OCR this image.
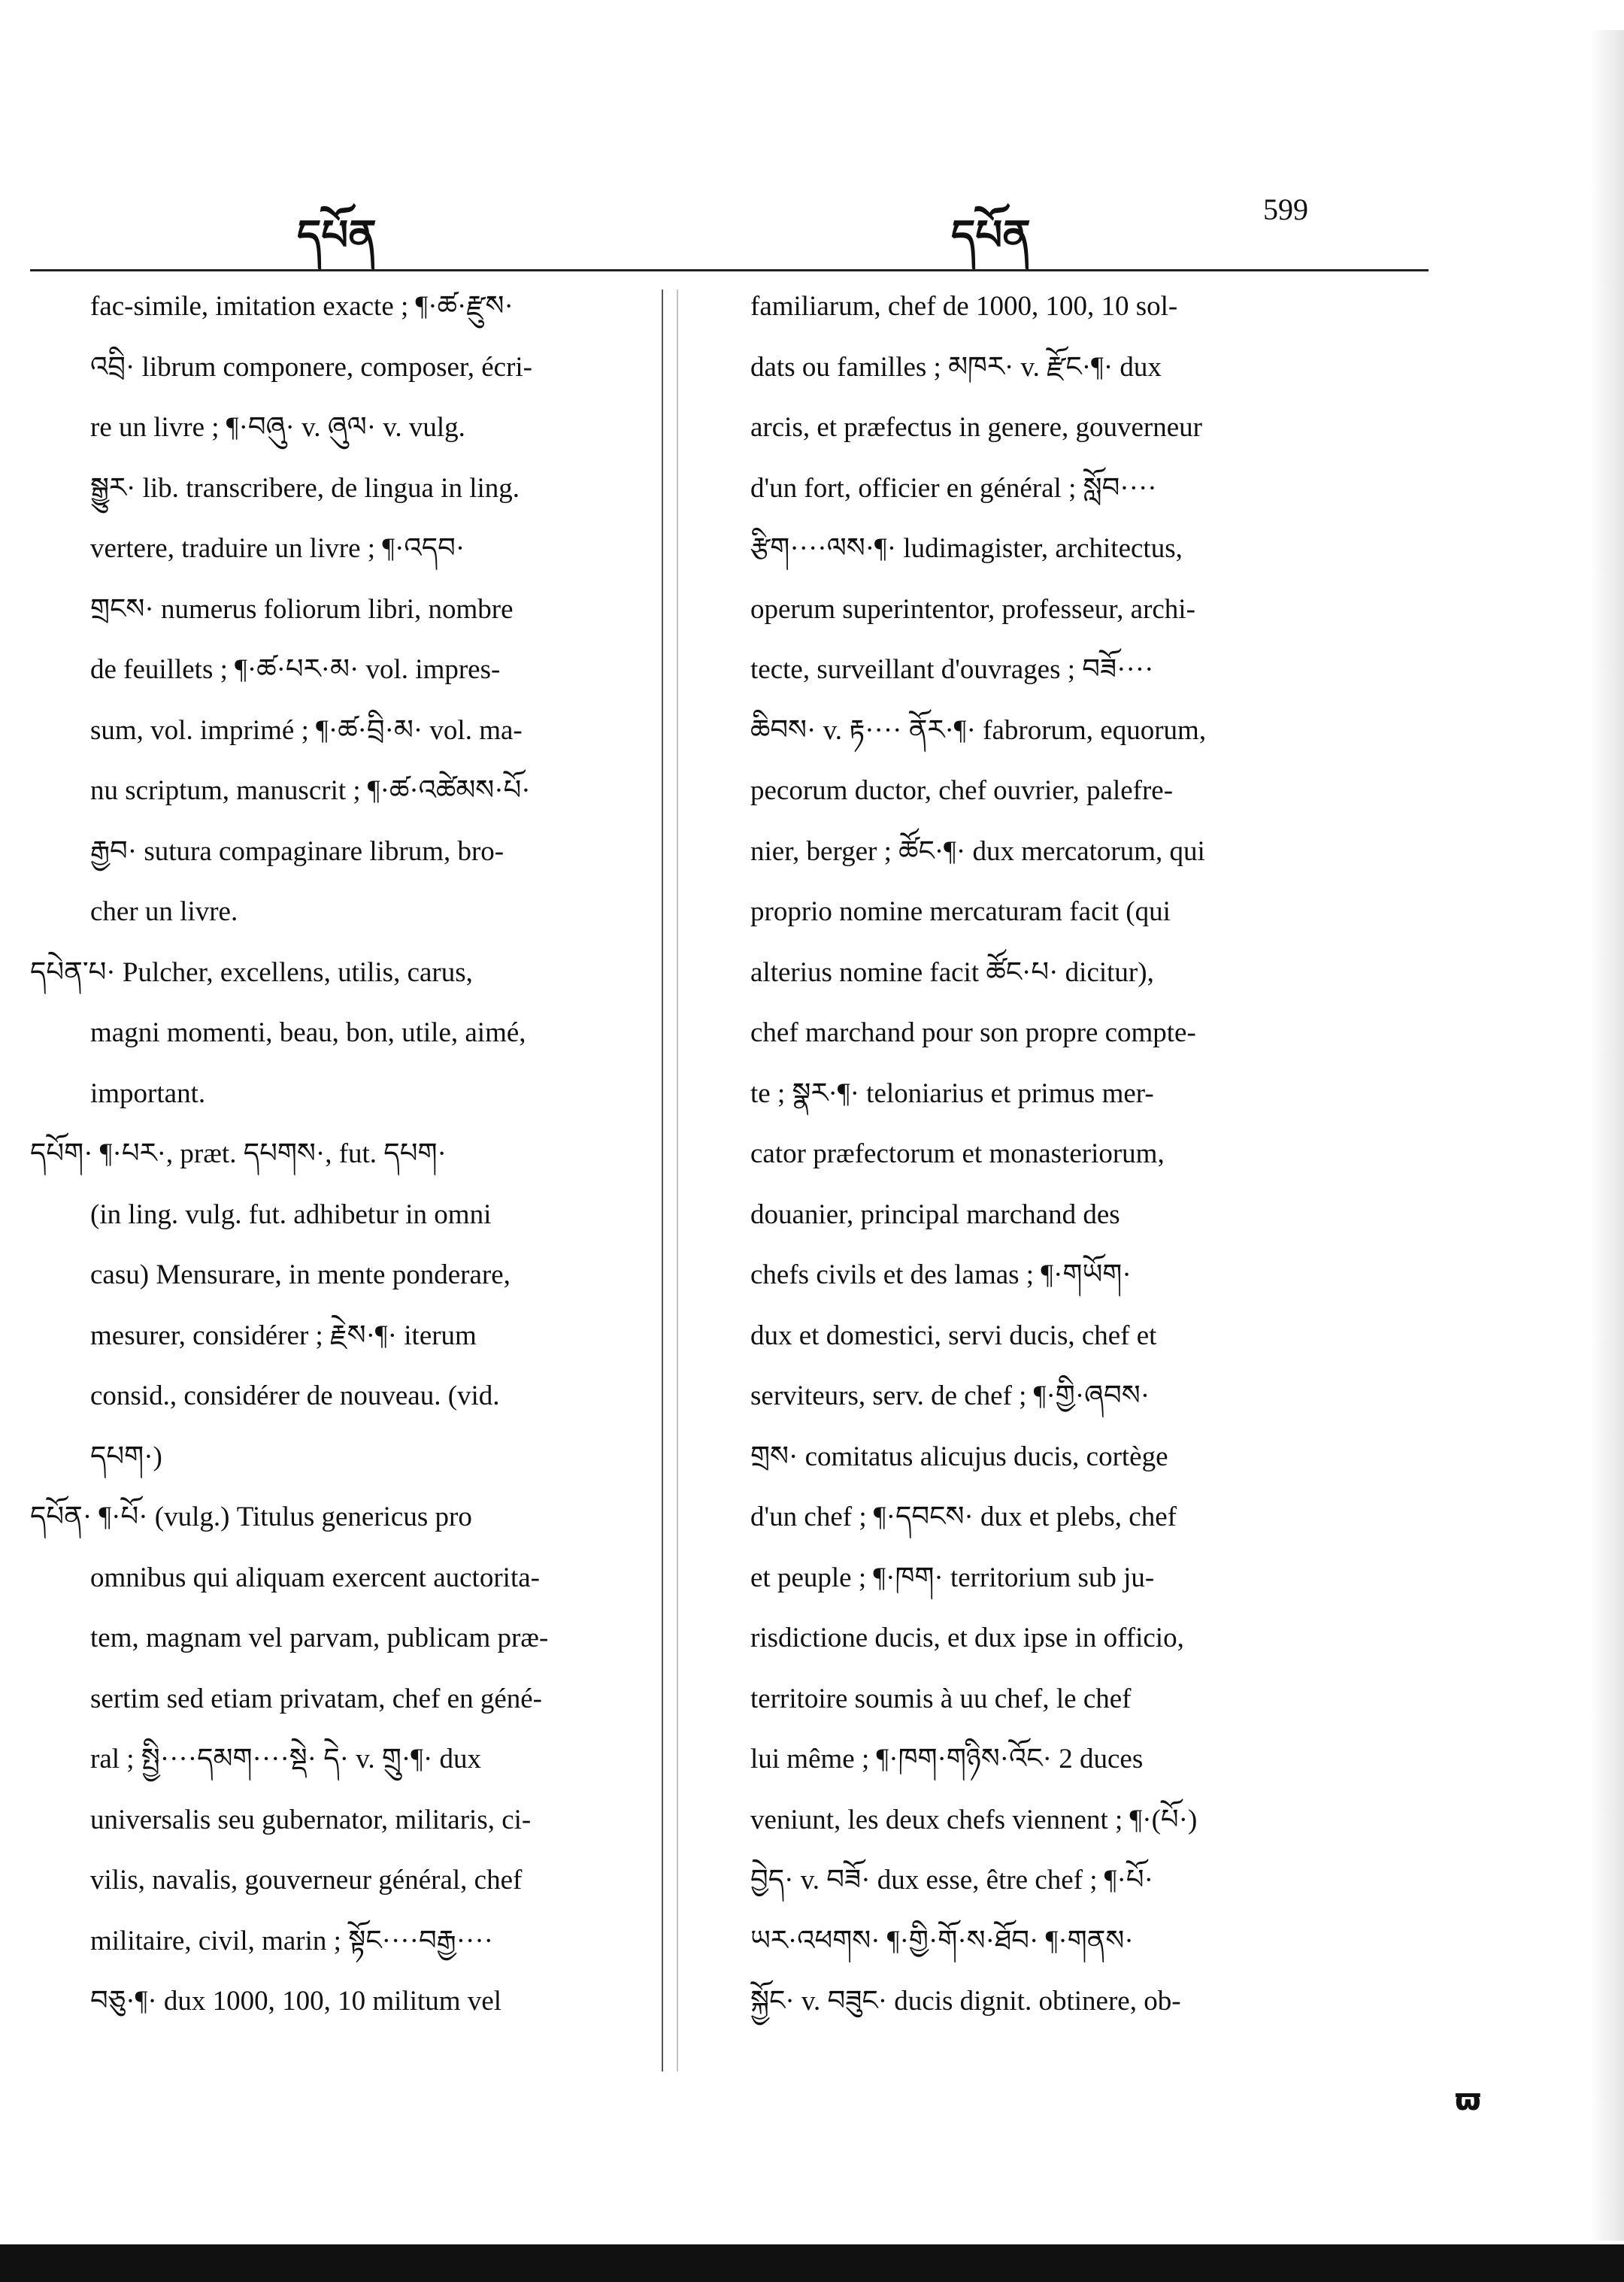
དཔོན	དཔོན
599
fac-simile, imitation exacte ; ¶·ཚ·རྫུས·
འབྲི· librum componere, composer, écri-
re un livre ; ¶·བཞུ· v. ཞུལ· v. vulg.
སྒྱུར· lib. transcribere, de lingua in ling.
vertere, traduire un livre ; ¶·འདབ·
གྲངས· numerus foliorum libri, nombre
de feuillets ; ¶·ཚ·པར·མ· vol. impres-
sum, vol. imprimé ; ¶·ཚ·བྲི·མ· vol. ma-
nu scriptum, manuscrit ; ¶·ཚ·འཚེམས·པོ·
རྒྱབ· sutura compaginare librum, bro-
cher un livre.
དཔེན་པ· Pulcher, excellens, utilis, carus,
magni momenti, beau, bon, utile, aimé,
important.
དཔོག· ¶·པར·, præt. དཔགས·, fut. དཔག·
(in ling. vulg. fut. adhibetur in omni
casu) Mensurare, in mente ponderare,
mesurer, considérer ; རྗེས·¶· iterum
consid., considérer de nouveau. (vid.
དཔག·)
དཔོན· ¶·པོ· (vulg.) Titulus genericus pro
omnibus qui aliquam exercent auctorita-
tem, magnam vel parvam, publicam præ-
sertim sed etiam privatam, chef en géné-
ral ; སྤྱི····དམག····སྡེ· དེ· v. གྲུ·¶· dux
universalis seu gubernator, militaris, ci-
vilis, navalis, gouverneur général, chef
militaire, civil, marin ; སྟོང····བརྒྱ····
བཅུ·¶· dux 1000, 100, 10 militum vel
familiarum, chef de 1000, 100, 10 sol-
dats ou familles ; མཁར· v. རྫོང·¶· dux
arcis, et præfectus in genere, gouverneur
d'un fort, officier en général ; སློབ····
རྩིག····ལས·¶· ludimagister, architectus,
operum superintentor, professeur, archi-
tecte, surveillant d'ouvrages ; བཟོ····
ཆིབས· v. རྟ···· ནོར·¶· fabrorum, equorum,
pecorum ductor, chef ouvrier, palefre-
nier, berger ; ཚོང·¶· dux mercatorum, qui
proprio nomine mercaturam facit (qui
alterius nomine facit ཚོང·པ· dicitur),
chef marchand pour son propre compte-
te ; སྣར·¶· teloniarius et primus mer-
cator præfectorum et monasteriorum,
douanier, principal marchand des
chefs civils et des lamas ; ¶·གཡོག·
dux et domestici, servi ducis, chef et
serviteurs, serv. de chef ; ¶·གྱི·ཞབས·
གྲས· comitatus alicujus ducis, cortège
d'un chef ; ¶·དབངས· dux et plebs, chef
et peuple ; ¶·ཁག· territorium sub ju-
risdictione ducis, et dux ipse in officio,
territoire soumis à uu chef, le chef
lui même ; ¶·ཁག·གཉིས·འོང· 2 duces
veniunt, les deux chefs viennent ; ¶·(པོ·)
བྱེད· v. བཟོ· dux esse, être chef ; ¶·པོ·
ཡར·འཕགས· ¶·གྱི·གོ·ས·ཐོབ· ¶·གནས·
སྐྱོང· v. བཟུང· ducis dignit. obtinere, ob-
ϖ
